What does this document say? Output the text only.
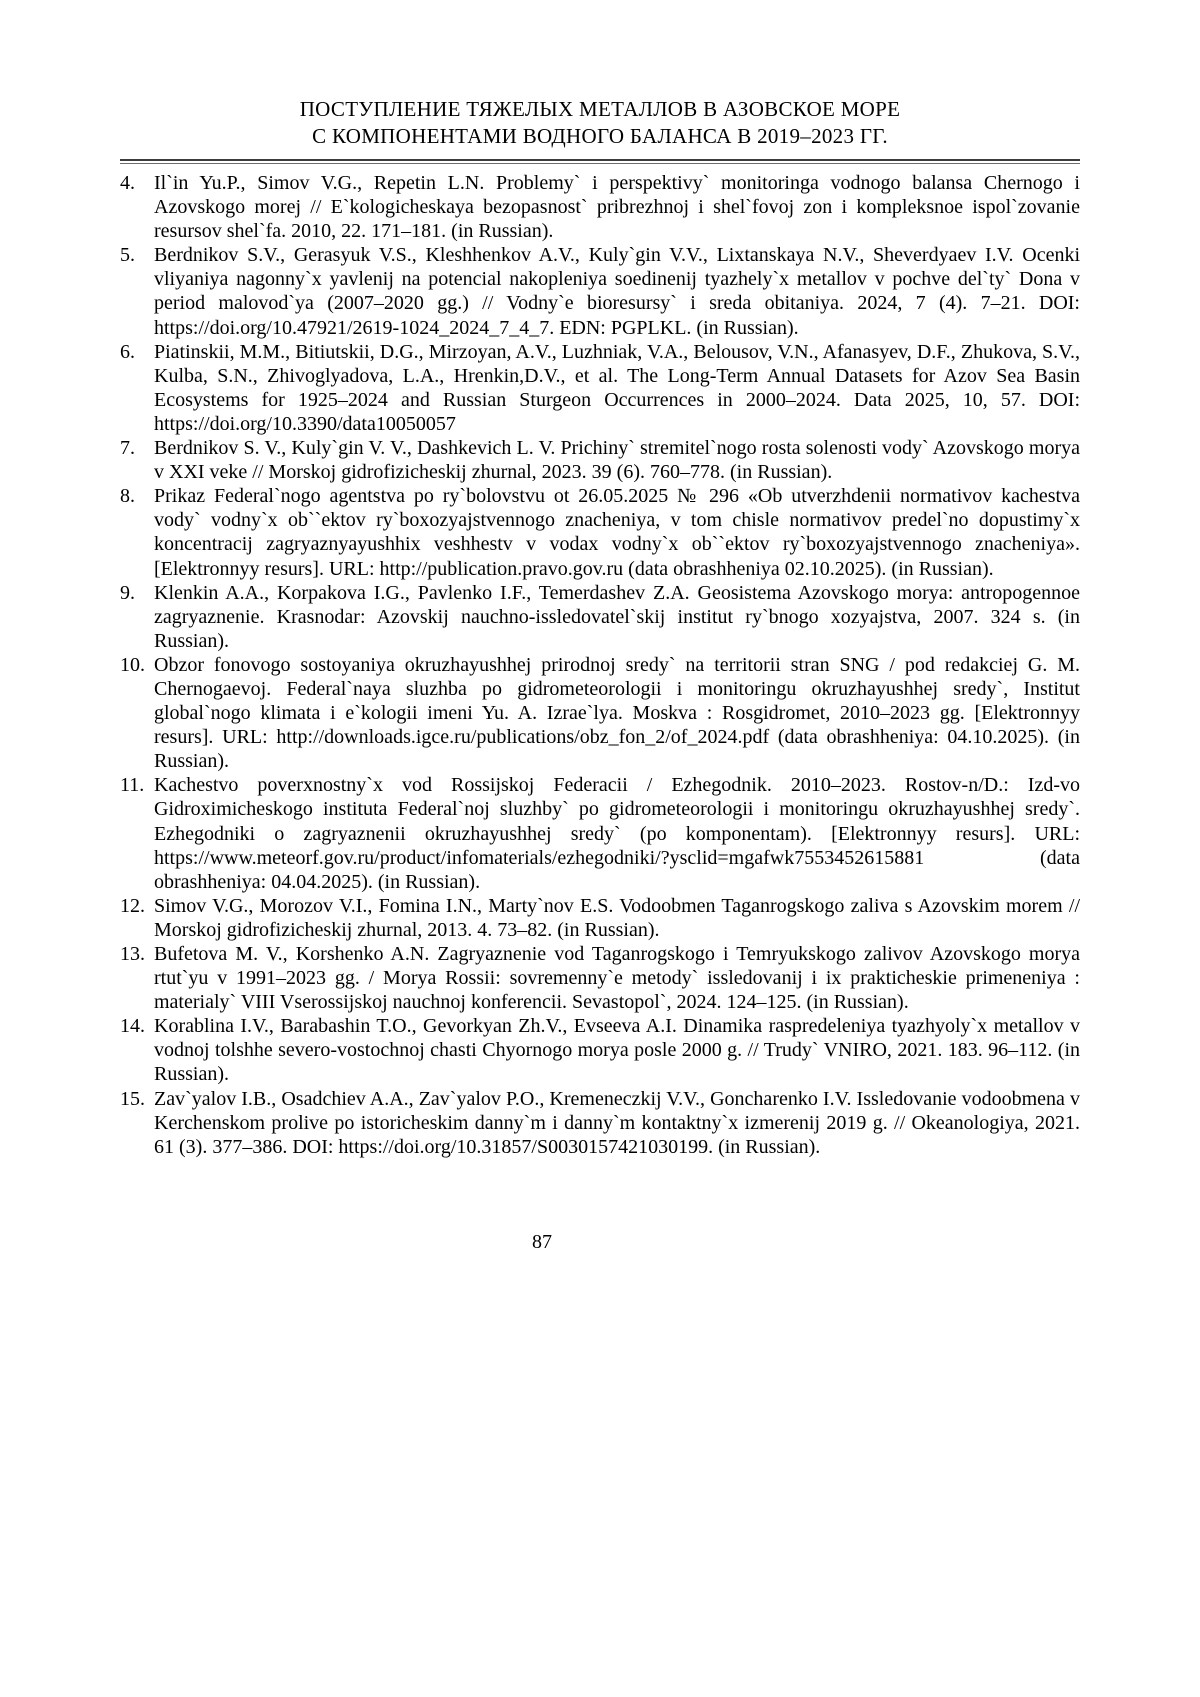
ПОСТУПЛЕНИЕ ТЯЖЕЛЫХ МЕТАЛЛОВ В АЗОВСКОЕ МОРЕ
С КОМПОНЕНТАМИ ВОДНОГО БАЛАНСА В 2019–2023 ГГ.
4. Il`in Yu.P., Simov V.G., Repetin L.N. Problemy` i perspektivy` monitoringa vodnogo balansa Chernogo i Azovskogo morej // E`kologicheskaya bezopasnost` pribrezhnoj i shel`fovoj zon i kompleksnoe ispol`zovanie resursov shel`fa. 2010, 22. 171–181. (in Russian).
5. Berdnikov S.V., Gerasyuk V.S., Kleshhenkov A.V., Kuly`gin V.V., Lixtanskaya N.V., Sheverdyaev I.V. Ocenki vliyaniya nagonny`x yavlenij na potencial nakopleniya soedinenij tyazhely`x metallov v pochve del`ty` Dona v period malovod`ya (2007–2020 gg.) // Vodny`e bioresursy` i sreda obitaniya. 2024, 7 (4). 7–21. DOI: https://doi.org/10.47921/2619-1024_2024_7_4_7. EDN: PGPLKL. (in Russian).
6. Piatinskii, M.M., Bitiutskii, D.G., Mirzoyan, A.V., Luzhniak, V.A., Belousov, V.N., Afanasyev, D.F., Zhukova, S.V., Kulba, S.N., Zhivoglyadova, L.A., Hrenkin,D.V., et al. The Long-Term Annual Datasets for Azov Sea Basin Ecosystems for 1925–2024 and Russian Sturgeon Occurrences in 2000–2024. Data 2025, 10, 57. DOI: https://doi.org/10.3390/data10050057
7. Berdnikov S. V., Kuly`gin V. V., Dashkevich L. V. Prichiny` stremitel`nogo rosta solenosti vody` Azovskogo morya v XXI veke // Morskoj gidrofizicheskij zhurnal, 2023. 39 (6). 760–778. (in Russian).
8. Prikaz Federal`nogo agentstva po ry`bolovstvu ot 26.05.2025 № 296 «Ob utverzhdenii normativov kachestva vody` vodny`x ob``ektov ry`boxozyajstvennogo znacheniya, v tom chisle normativov predel`no dopustimy`x koncentracij zagryaznyayushhix veshhestv v vodax vodny`x ob``ektov ry`boxozyajstvennogo znacheniya». [Elektronnyy resurs]. URL: http://publication.pravo.gov.ru (data obrashheniya 02.10.2025). (in Russian).
9. Klenkin A.A., Korpakova I.G., Pavlenko I.F., Temerdashev Z.A. Geosistema Azovskogo morya: antropogennoe zagryaznenie. Krasnodar: Azovskij nauchno-issledovatel`skij institut ry`bnogo xozyajstva, 2007. 324 s. (in Russian).
10. Obzor fonovogo sostoyaniya okruzhayushhej prirodnoj sredy` na territorii stran SNG / pod redakciej G. M. Chernogaevoj. Federal`naya sluzhba po gidrometeorologii i monitoringu okruzhayushhej sredy`, Institut global`nogo klimata i e`kologii imeni Yu. A. Izrae`lya. Moskva : Rosgidromet, 2010–2023 gg. [Elektronnyy resurs]. URL: http://downloads.igce.ru/publications/obz_fon_2/of_2024.pdf (data obrashheniya: 04.10.2025). (in Russian).
11. Kachestvo poverxnostny`x vod Rossijskoj Federacii / Ezhegodnik. 2010–2023. Rostov-n/D.: Izd-vo Gidroximicheskogo instituta Federal`noj sluzhby` po gidrometeorologii i monitoringu okruzhayushhej sredy`. Ezhegodniki o zagryaznenii okruzhayushhej sredy` (po komponentam). [Elektronnyy resurs]. URL: https://www.meteorf.gov.ru/product/infomaterials/ezhegodniki/?ysclid=mgafwk7553452615881 (data obrashheniya: 04.04.2025). (in Russian).
12. Simov V.G., Morozov V.I., Fomina I.N., Marty`nov E.S. Vodoobmen Taganrogskogo zaliva s Azovskim morem // Morskoj gidrofizicheskij zhurnal, 2013. 4. 73–82. (in Russian).
13. Bufetova M. V., Korshenko A.N. Zagryaznenie vod Taganrogskogo i Temryukskogo zalivov Azovskogo morya rtut`yu v 1991–2023 gg. / Morya Rossii: sovremenny`e metody` issledovanij i ix prakticheskie primeneniya : materialy` VIII Vserossijskoj nauchnoj konferencii. Sevastopol`, 2024. 124–125. (in Russian).
14. Korablina I.V., Barabashin T.O., Gevorkyan Zh.V., Evseeva A.I. Dinamika raspredeleniya tyazhyoly`x metallov v vodnoj tolshhe severo-vostochnoj chasti Chyornogo morya posle 2000 g. // Trudy` VNIRO, 2021. 183. 96–112. (in Russian).
15. Zav`yalov I.B., Osadchiev A.A., Zav`yalov P.O., Kremeneczkij V.V., Goncharenko I.V. Issledovanie vodoobmena v Kerchenskom prolive po istoricheskim danny`m i danny`m kontaktny`x izmerenij 2019 g. // Okeanologiya, 2021. 61 (3). 377–386. DOI: https://doi.org/10.31857/S0030157421030199. (in Russian).
87
